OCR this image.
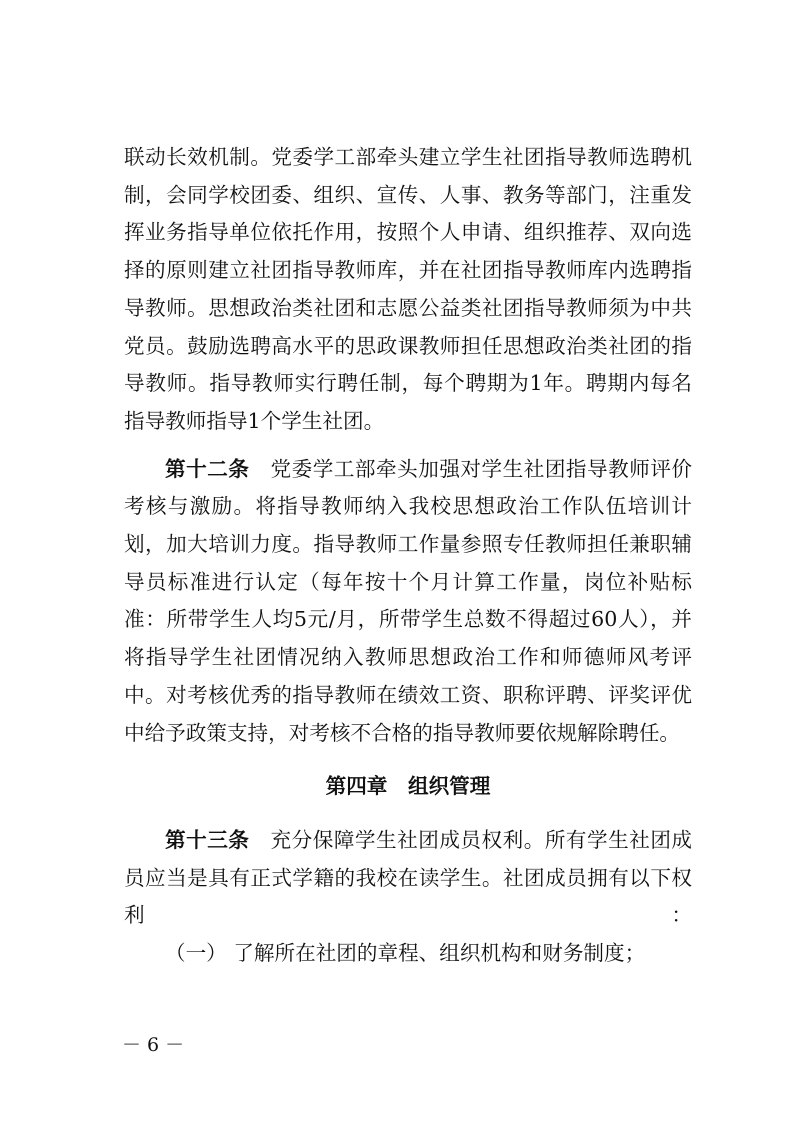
联动长效机制。党委学工部牵头建立学生社团指导教师选聘机制，会同学校团委、组织、宣传、人事、教务等部门，注重发挥业务指导单位依托作用，按照个人申请、组织推荐、双向选择的原则建立社团指导教师库，并在社团指导教师库内选聘指导教师。思想政治类社团和志愿公益类社团指导教师须为中共党员。鼓励选聘高水平的思政课教师担任思想政治类社团的指导教师。指导教师实行聘任制，每个聘期为1年。聘期内每名指导教师指导1个学生社团。

第十二条　 党委学工部牵头加强对学生社团指导教师评价考核与激励。将指导教师纳入我校思想政治工作队伍培训计划，加大培训力度。指导教师工作量参照专任教师担任兼职辅导员标准进行认定（每年按十个月计算工作量，岗位补贴标准：所带学生人均5元/月，所带学生总数不得超过60人），并将指导学生社团情况纳入教师思想政治工作和师德师风考评中。对考核优秀的指导教师在绩效工资、职称评聘、评奖评优中给予政策支持，对考核不合格的指导教师要依规解除聘任。

第四章　组织管理

第十三条　 充分保障学生社团成员权利。所有学生社团成员应当是具有正式学籍的我校在读学生。社团成员拥有以下权利：

（一） 了解所在社团的章程、组织机构和财务制度；

－ 6 －
